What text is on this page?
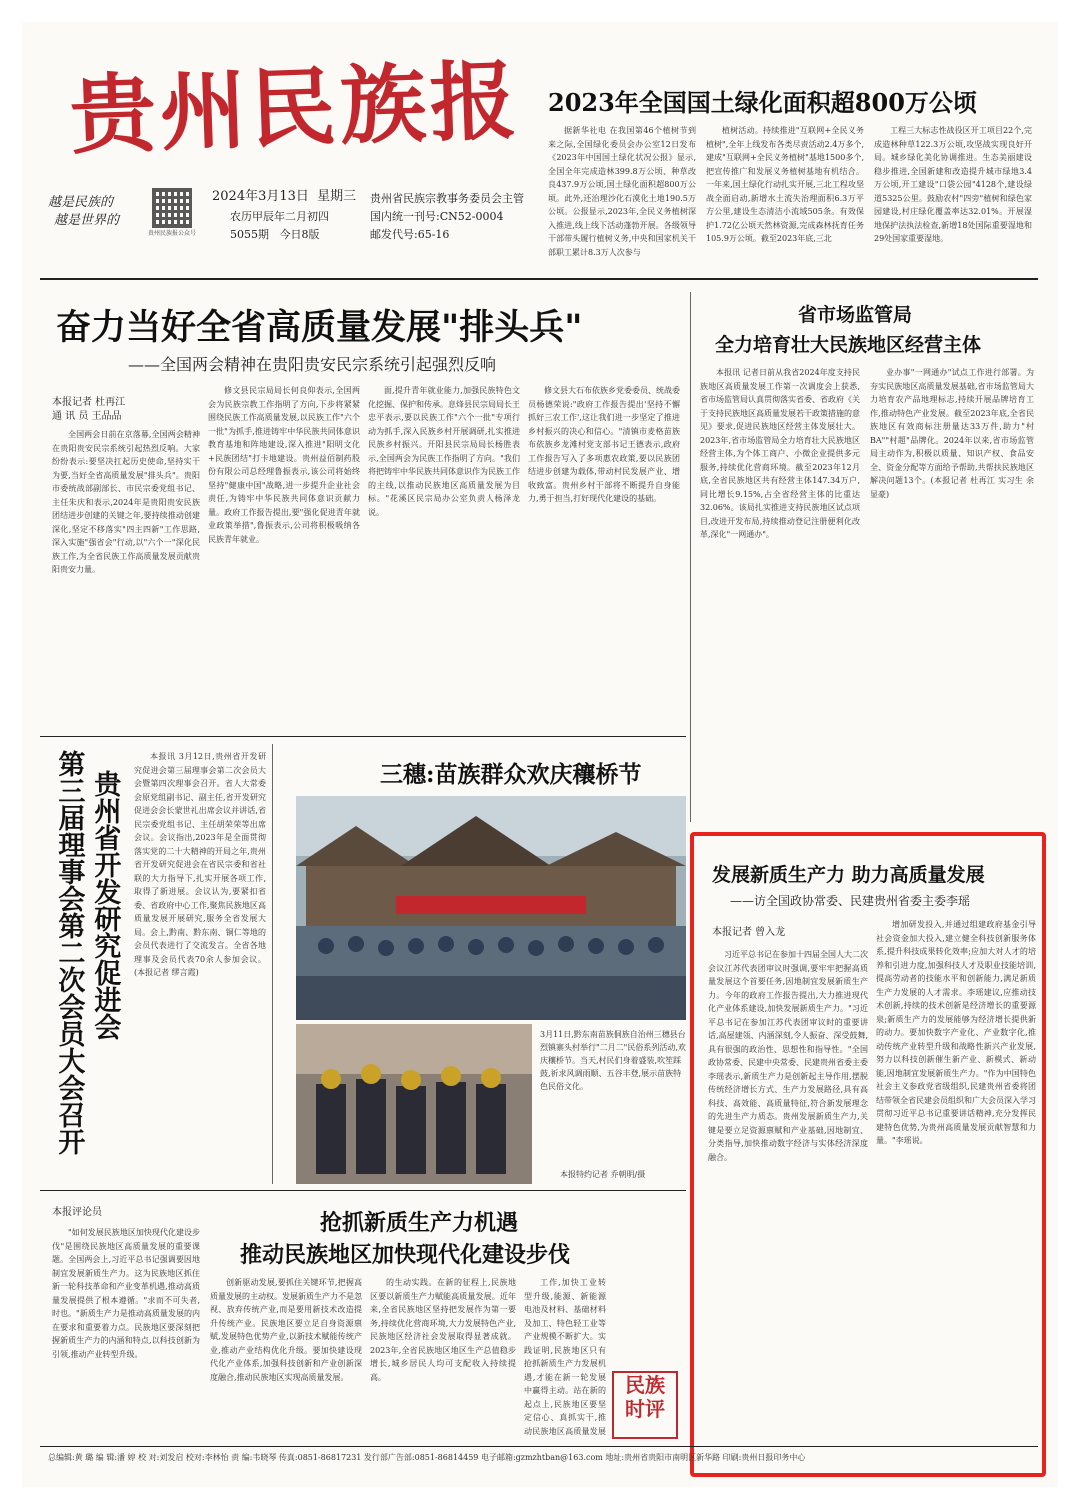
贵州民族报
越是民族的
越是世界的
贵州民族报公众号
2024年3月13日 星期三
农历甲辰年二月初四
5055期 今日8版
贵州省民族宗教事务委员会主管
国内统一刊号:CN52-0004
邮发代号:65-16
2023年全国国土绿化面积超800万公顷

据新华社电 在我国第46个植树节到来之际,全国绿化委员会办公室12日发布《2023年中国国土绿化状况公报》显示,全国全年完成造林399.8万公顷、种草改良437.9万公顷,国土绿化面积超800万公顷。此外,还治理沙化石漠化土地190.5万公顷。公报显示,2023年,全民义务植树深入推进,线上线下活动蓬勃开展。各级领导干部带头履行植树义务,中央和国家机关干部职工累计8.3万人次参与

植树活动。持续推进"互联网+全民义务植树",全年上线发布各类尽责活动2.4万多个,建成"互联网+全民义务植树"基地1500多个,把宣传推广和发展义务植树基地有机结合。一年来,国土绿化行动扎实开展,三北工程攻坚战全面启动,新增水土流失治理面积6.3万平方公里,建设生态清洁小流域505条。有效保护1.72亿公顷天然林资源,完成森林抚育任务105.9万公顷。截至2023年底,三北

工程三大标志性战役区开工项目22个,完成造林种草122.3万公顷,攻坚战实现良好开局。城乡绿化美化协调推进。生态美丽建设稳步推进,全国新建和改造提升城市绿地3.4万公顷,开工建设"口袋公园"4128个,建设绿道5325公里。鼓励农村"四旁"植树和绿色家园建设,村庄绿化覆盖率达32.01%。开展湿地保护法执法检查,新增18处国际重要湿地和29处国家重要湿地。

奋力当好全省高质量发展"排头兵"
——全国两会精神在贵阳贵安民宗系统引起强烈反响
本报记者 杜再江
通 讯 员 王品品

全国两会日前在京落幕,全国两会精神在贵阳贵安民宗系统引起热烈反响。大家纷纷表示:要坚决扛起历史使命,坚持实干为要,当好全省高质量发展"排头兵"。贵阳市委统战部副部长、市民宗委党组书记、主任朱庆和表示,2024年是贵阳贵安民族团结进步创建的关键之年,要持续推动创建深化,坚定不移落实"四主四新"工作思路,深入实施"强省会"行动,以"六个一"深化民族工作,为全省民族工作高质量发展贡献贵阳贵安力量。

修文县民宗局局长何良仰表示,全国两会为民族宗教工作指明了方向,下步将紧紧围绕民族工作高质量发展,以民族工作"六个一批"为抓手,推进铸牢中华民族共同体意识教育基地和阵地建设,深入推进"阳明文化+民族团结"打卡地建设。贵州益佰制药股份有限公司总经理鲁振表示,该公司将始终坚持"健康中国"战略,进一步提升企业社会责任,为铸牢中华民族共同体意识贡献力量。政府工作报告提出,要"强化促进青年就业政策举措",鲁振表示,公司将积极吸纳各民族青年就业。

面,提升青年就业能力,加强民族特色文化挖掘、保护和传承。息烽县民宗局局长王忠平表示,要以民族工作"六个一批"专项行动为抓手,深入民族乡村开展调研,扎实推进民族乡村振兴。开阳县民宗局局长杨胜表示,全国两会为民族工作指明了方向。"我们将把铸牢中华民族共同体意识作为民族工作的主线,以推动民族地区高质量发展为目标。"花溪区民宗局办公室负责人杨泽龙说。

修文县大石布依族乡党委委员、统战委员杨德荣说:"政府工作报告提出'坚持不懈抓好三农工作',这让我们进一步坚定了推进乡村振兴的决心和信心。"清镇市麦格苗族布依族乡龙滩村党支部书记王德表示,政府工作报告写入了多项惠农政策,要以民族团结进步创建为载体,带动村民发展产业、增收致富。贵州乡村干部将不断提升自身能力,勇于担当,打好现代化建设的基础。

省市场监管局
全力培育壮大民族地区经营主体

本报讯 记者日前从我省2024年度支持民族地区高质量发展工作第一次调度会上获悉,省市场监管局认真贯彻落实省委、省政府《关于支持民族地区高质量发展若干政策措施的意见》要求,促进民族地区经营主体发展壮大。2023年,省市场监管局全力培育壮大民族地区经营主体,为个体工商户、小微企业提供多元服务,持续优化营商环境。截至2023年12月底,全省民族地区共有经营主体147.34万户,同比增长9.15%,占全省经营主体的比重达32.06%。该局扎实推进支持民族地区试点项目,改进开发布局,持续推动登记注册便利化改革,深化"一网通办"。

业办事"一网通办"试点工作进行部署。为夯实民族地区高质量发展基础,省市场监管局大力培育农产品地理标志,持续开展品牌培育工作,推动特色产业发展。截至2023年底,全省民族地区有效商标注册量达33万件,助力"村BA""村超"品牌化。2024年以来,省市场监管局主动作为,积极以质量、知识产权、食品安全、资金分配等方面给予帮助,共帮扶民族地区解决问题13个。(本报记者 杜再江 实习生 余显豪)

贵州省开发研究促进会
第三届理事会第二次会员大会召开	本报讯 3月12日,贵州省开发研究促进会第三届理事会第二次会员大会暨第四次理事会召开。省人大常委会原党组副书记、副主任,省开发研究促进会会长蒙世礼出席会议并讲话,省民宗委党组书记、主任胡荣荣等出席会议。会议指出,2023年是全面贯彻落实党的二十大精神的开局之年,贵州省开发研究促进会在省民宗委和省社联的大力指导下,扎实开展各项工作,取得了新进展。会议认为,要紧扣省委、省政府中心工作,聚焦民族地区高质量发展开展研究,服务全省发展大局。会上,黔南、黔东南、铜仁等地的会员代表进行了交流发言。全省各地理事及会员代表70余人参加会议。(本报记者 缪言霞)

三穗:苗族群众欢庆穰桥节
3月11日,黔东南苗族侗族自治州三穗县台烈镇寨头村举行"二月二"民俗系列活动,欢庆穰桥节。当天,村民们身着盛装,吹笙踩鼓,祈求风调雨顺、五谷丰登,展示苗族特色民俗文化。
本报特约记者 乔朝明/摄
发展新质生产力 助力高质量发展
——访全国政协常委、民建贵州省委主委李瑶
本报记者 曾入龙

习近平总书记在参加十四届全国人大二次会议江苏代表团审议时强调,要牢牢把握高质量发展这个首要任务,因地制宜发展新质生产力。今年的政府工作报告提出,大力推进现代化产业体系建设,加快发展新质生产力。"习近平总书记在参加江苏代表团审议时的重要讲话,高屋建瓴、内涵深刻,令人振奋、深受鼓舞,具有很强的政治性、思想性和指导性。"全国政协常委、民建中央常委、民建贵州省委主委李瑶表示,新质生产力是创新起主导作用,摆脱传统经济增长方式、生产力发展路径,具有高科技、高效能、高质量特征,符合新发展理念的先进生产力质态。贵州发展新质生产力,关键是要立足资源禀赋和产业基础,因地制宜、分类指导,加快推动数字经济与实体经济深度融合。

增加研发投入,并通过组建政府基金引导社会资金加大投入,建立健全科技创新服务体系,提升科技成果转化效率;应加大对人才的培养和引进力度,加强科技人才及职业技能培训,提高劳动者的技能水平和创新能力,满足新质生产力发展的人才需求。李瑶建议,应推动技术创新,持续的技术创新是经济增长的重要源泉;新质生产力的发展能够为经济增长提供新的动力。要加快数字产业化、产业数字化,推动传统产业转型升级和战略性新兴产业发展,努力以科技创新催生新产业、新模式、新动能,因地制宜发展新质生产力。"作为中国特色社会主义参政党省级组织,民建贵州省委将团结带领全省民建会员组织和广大会员深入学习贯彻习近平总书记重要讲话精神,充分发挥民建特色优势,为贵州高质量发展贡献智慧和力量。"李瑶说。

本报评论员	抢抓新质生产力机遇
推动民族地区加快现代化建设步伐

"如何发展民族地区加快现代化建设步伐"是围绕民族地区高质量发展的重要课题。全国两会上,习近平总书记强调要因地制宜发展新质生产力。这为民族地区抓住新一轮科技革命和产业变革机遇,推动高质量发展提供了根本遵循。"求而不可失者,时也。"新质生产力是推动高质量发展的内在要求和重要着力点。民族地区要深刻把握新质生产力的内涵和特点,以科技创新为引领,推动产业转型升级。

创新驱动发展,要抓住关键环节,把握高质量发展的主动权。发展新质生产力不是忽视、放弃传统产业,而是要用新技术改造提升传统产业。民族地区要立足自身资源禀赋,发展特色优势产业,以新技术赋能传统产业,推动产业结构优化升级。要加快建设现代化产业体系,加强科技创新和产业创新深度融合,推动民族地区实现高质量发展。

的生动实践。在新的征程上,民族地区要以新质生产力赋能高质量发展。近年来,全省民族地区坚持把发展作为第一要务,持续优化营商环境,大力发展特色产业,民族地区经济社会发展取得显著成就。2023年,全省民族地区地区生产总值稳步增长,城乡居民人均可支配收入持续提高。

工作,加快工业转型升级,能源、新能源电池及材料、基础材料及加工、特色轻工业等产业规模不断扩大。实践证明,民族地区只有抢抓新质生产力发展机遇,才能在新一轮发展中赢得主动。站在新的起点上,民族地区要坚定信心、真抓实干,推动民族地区高质量发展

民族
时评
总编辑:黄 璐 编 辑:潘 婷 校 对:刘发启 校对:李林怡 责 编:韦晓琴 传真:0851-86817231 发行部广告部:0851-86814459 电子邮箱:gzmzhtban@163.com 地址:贵州省贵阳市南明区新华路 印刷:贵州日报印务中心
